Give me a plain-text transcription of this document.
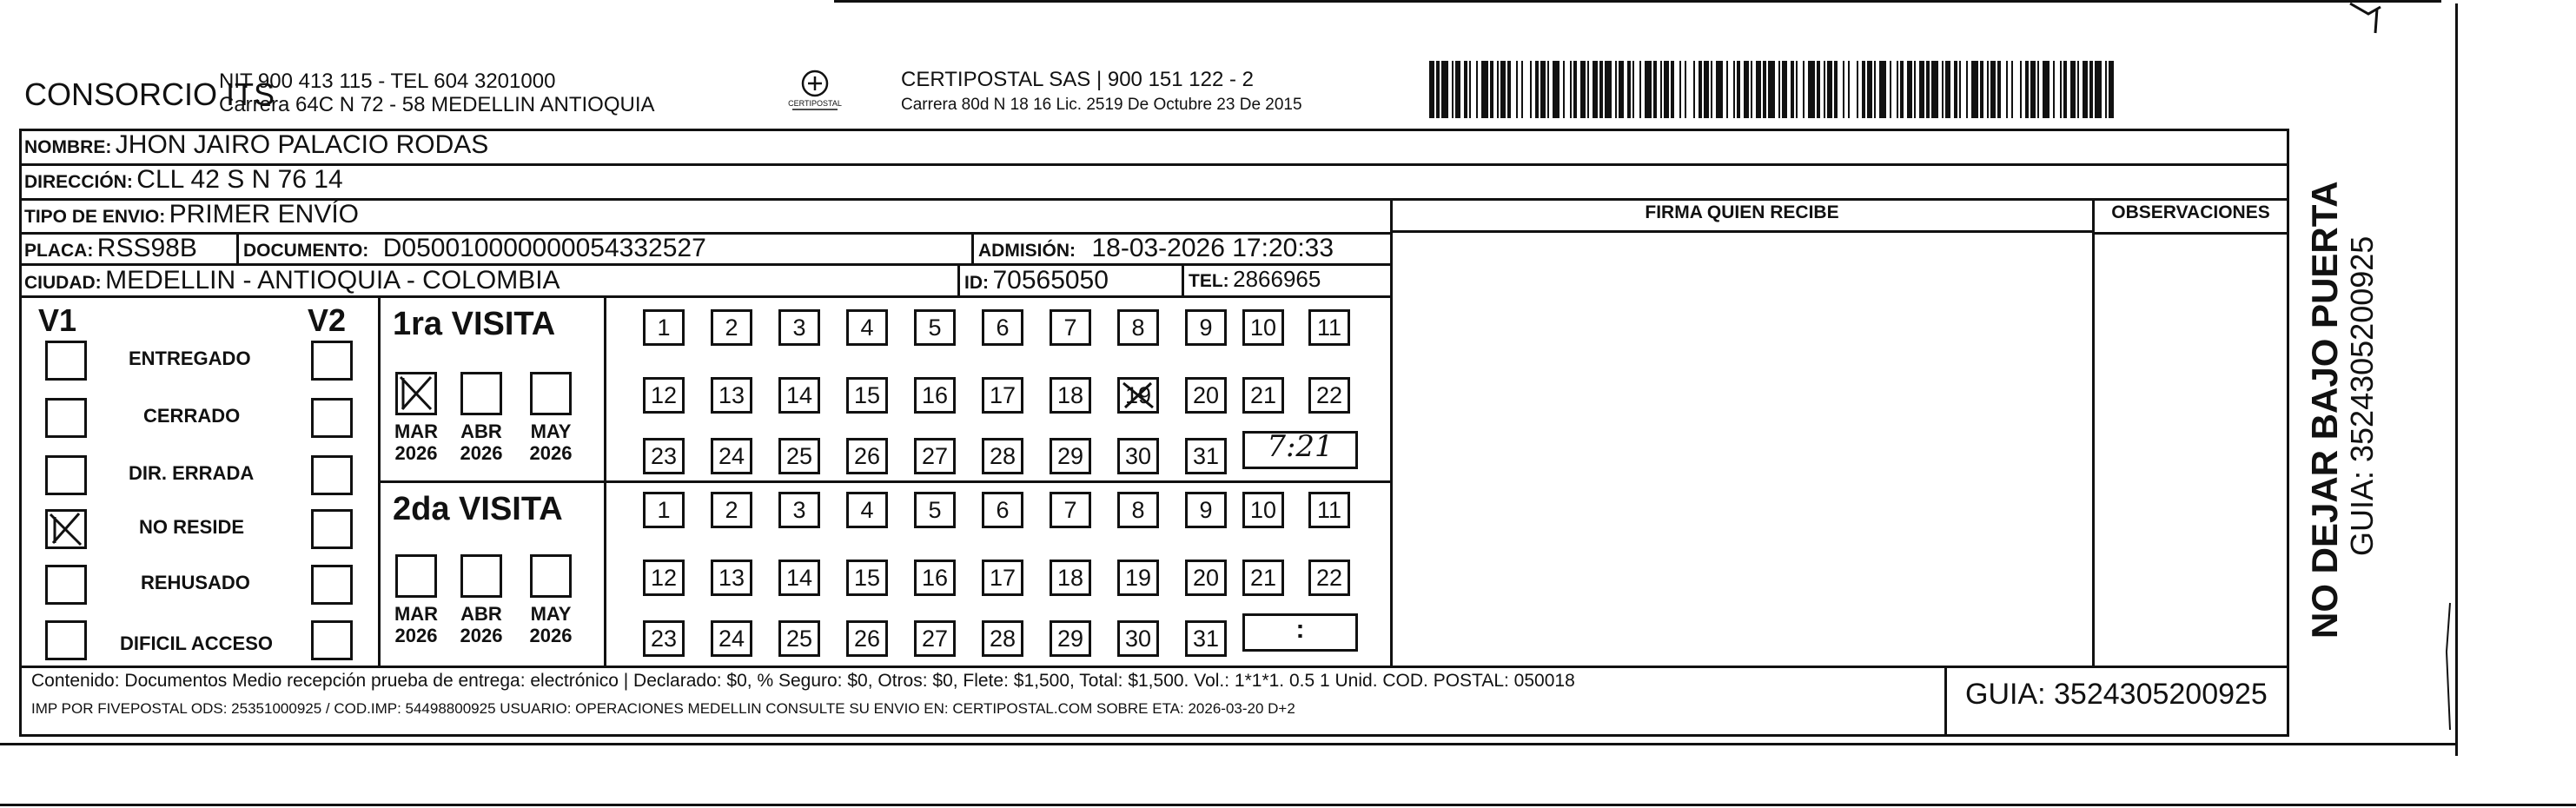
CONSORCIO ITS
NIT 900 413 115 - TEL 604 3201000
Carrera 64C N 72 - 58 MEDELLIN ANTIOQUIA	CERTIPOSTAL
CERTIPOSTAL SAS | 900 151 122 - 2
Carrera 80d N 18 16 Lic. 2519 De Octubre 23 De 2015
NOMBRE: JHON JAIRO PALACIO RODAS
DIRECCIÓN: CLL 42 S N 76 14
TIPO DE ENVIO: PRIMER ENVÍO
PLACA: RSS98B	DOCUMENTO: D050010000000054332527	ADMISIÓN: 18-03-2026 17:20:33
CIUDAD: MEDELLIN - ANTIOQUIA - COLOMBIA	ID: 70565050	TEL: 2866965
FIRMA QUIEN RECIBE	OBSERVACIONES
V1	V2
ENTREGADO
CERRADO
DIR. ERRADA
NO RESIDE
REHUSADO
DIFICIL ACCESO
1ra VISITA
MAR
2026
ABR
2026
MAY
2026
1 2 3 4 5 6 7 8 9 10 11
12 13 14 15 16 17 18 19 20 21 22
23 24 25 26 27 28 29 30 31	7:21
2da VISITA
MAR
2026
ABR
2026
MAY
2026
1 2 3 4 5 6 7 8 9 10 11
12 13 14 15 16 17 18 19 20 21 22
23 24 25 26 27 28 29 30 31	:
Contenido: Documentos Medio recepción prueba de entrega: electrónico | Declarado: $0, % Seguro: $0, Otros: $0, Flete: $1,500, Total: $1,500. Vol.: 1*1*1. 0.5 1 Unid. COD. POSTAL: 050018
IMP POR FIVEPOSTAL ODS: 25351000925 / COD.IMP: 54498800925 USUARIO: OPERACIONES MEDELLIN CONSULTE SU ENVIO EN: CERTIPOSTAL.COM SOBRE ETA: 2026-03-20 D+2	GUIA: 3524305200925
NO DEJAR BAJO PUERTA GUIA: 3524305200925
